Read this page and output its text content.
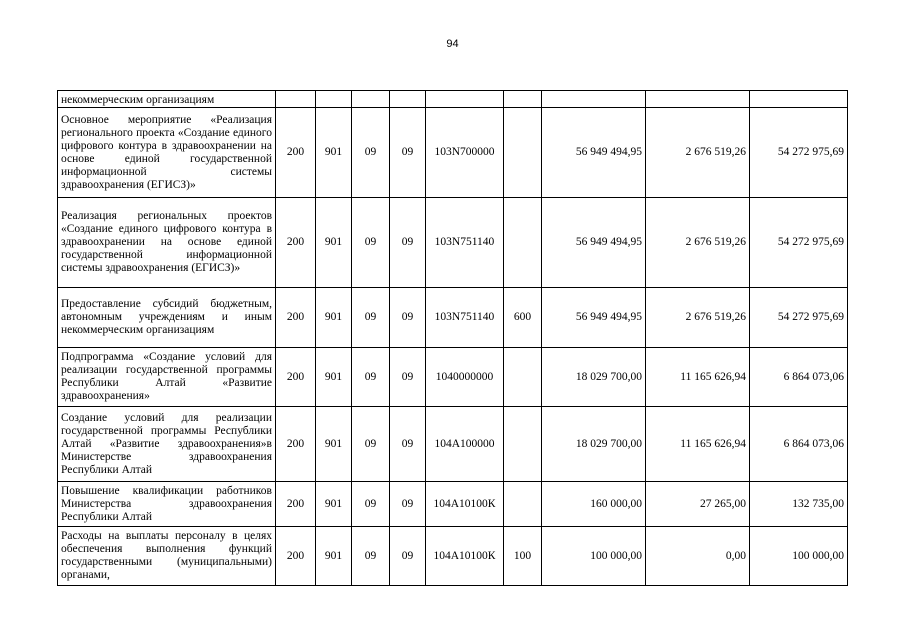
94
некоммерческим организациям									
Основное мероприятие «Реализация регионального проекта «Создание единого цифрового контура в здравоохранении на основе единой государственной информационной системы здравоохранения (ЕГИСЗ)»	200	901	09	09	103N700000		56 949 494,95	2 676 519,26	54 272 975,69
Реализация региональных проектов «Создание единого цифрового контура в здравоохранении на основе единой государственной информационной системы здравоохранения (ЕГИСЗ)»	200	901	09	09	103N751140		56 949 494,95	2 676 519,26	54 272 975,69
Предоставление субсидий бюджетным, автономным учреждениям и иным некоммерческим организациям	200	901	09	09	103N751140	600	56 949 494,95	2 676 519,26	54 272 975,69
Подпрограмма «Создание условий для реализации государственной программы Республики Алтай «Развитие здравоохранения»	200	901	09	09	1040000000		18 029 700,00	11 165 626,94	6 864 073,06
Создание условий для реализации государственной программы Республики Алтай «Развитие здравоохранения»в Министерстве здравоохранения Республики Алтай	200	901	09	09	104А100000		18 029 700,00	11 165 626,94	6 864 073,06
Повышение квалификации работников Министерства здравоохранения Республики Алтай	200	901	09	09	104А10100К		160 000,00	27 265,00	132 735,00
Расходы на выплаты персоналу в целях обеспечения выполнения функций государственными (муниципальными) органами,	200	901	09	09	104А10100К	100	100 000,00	0,00	100 000,00
